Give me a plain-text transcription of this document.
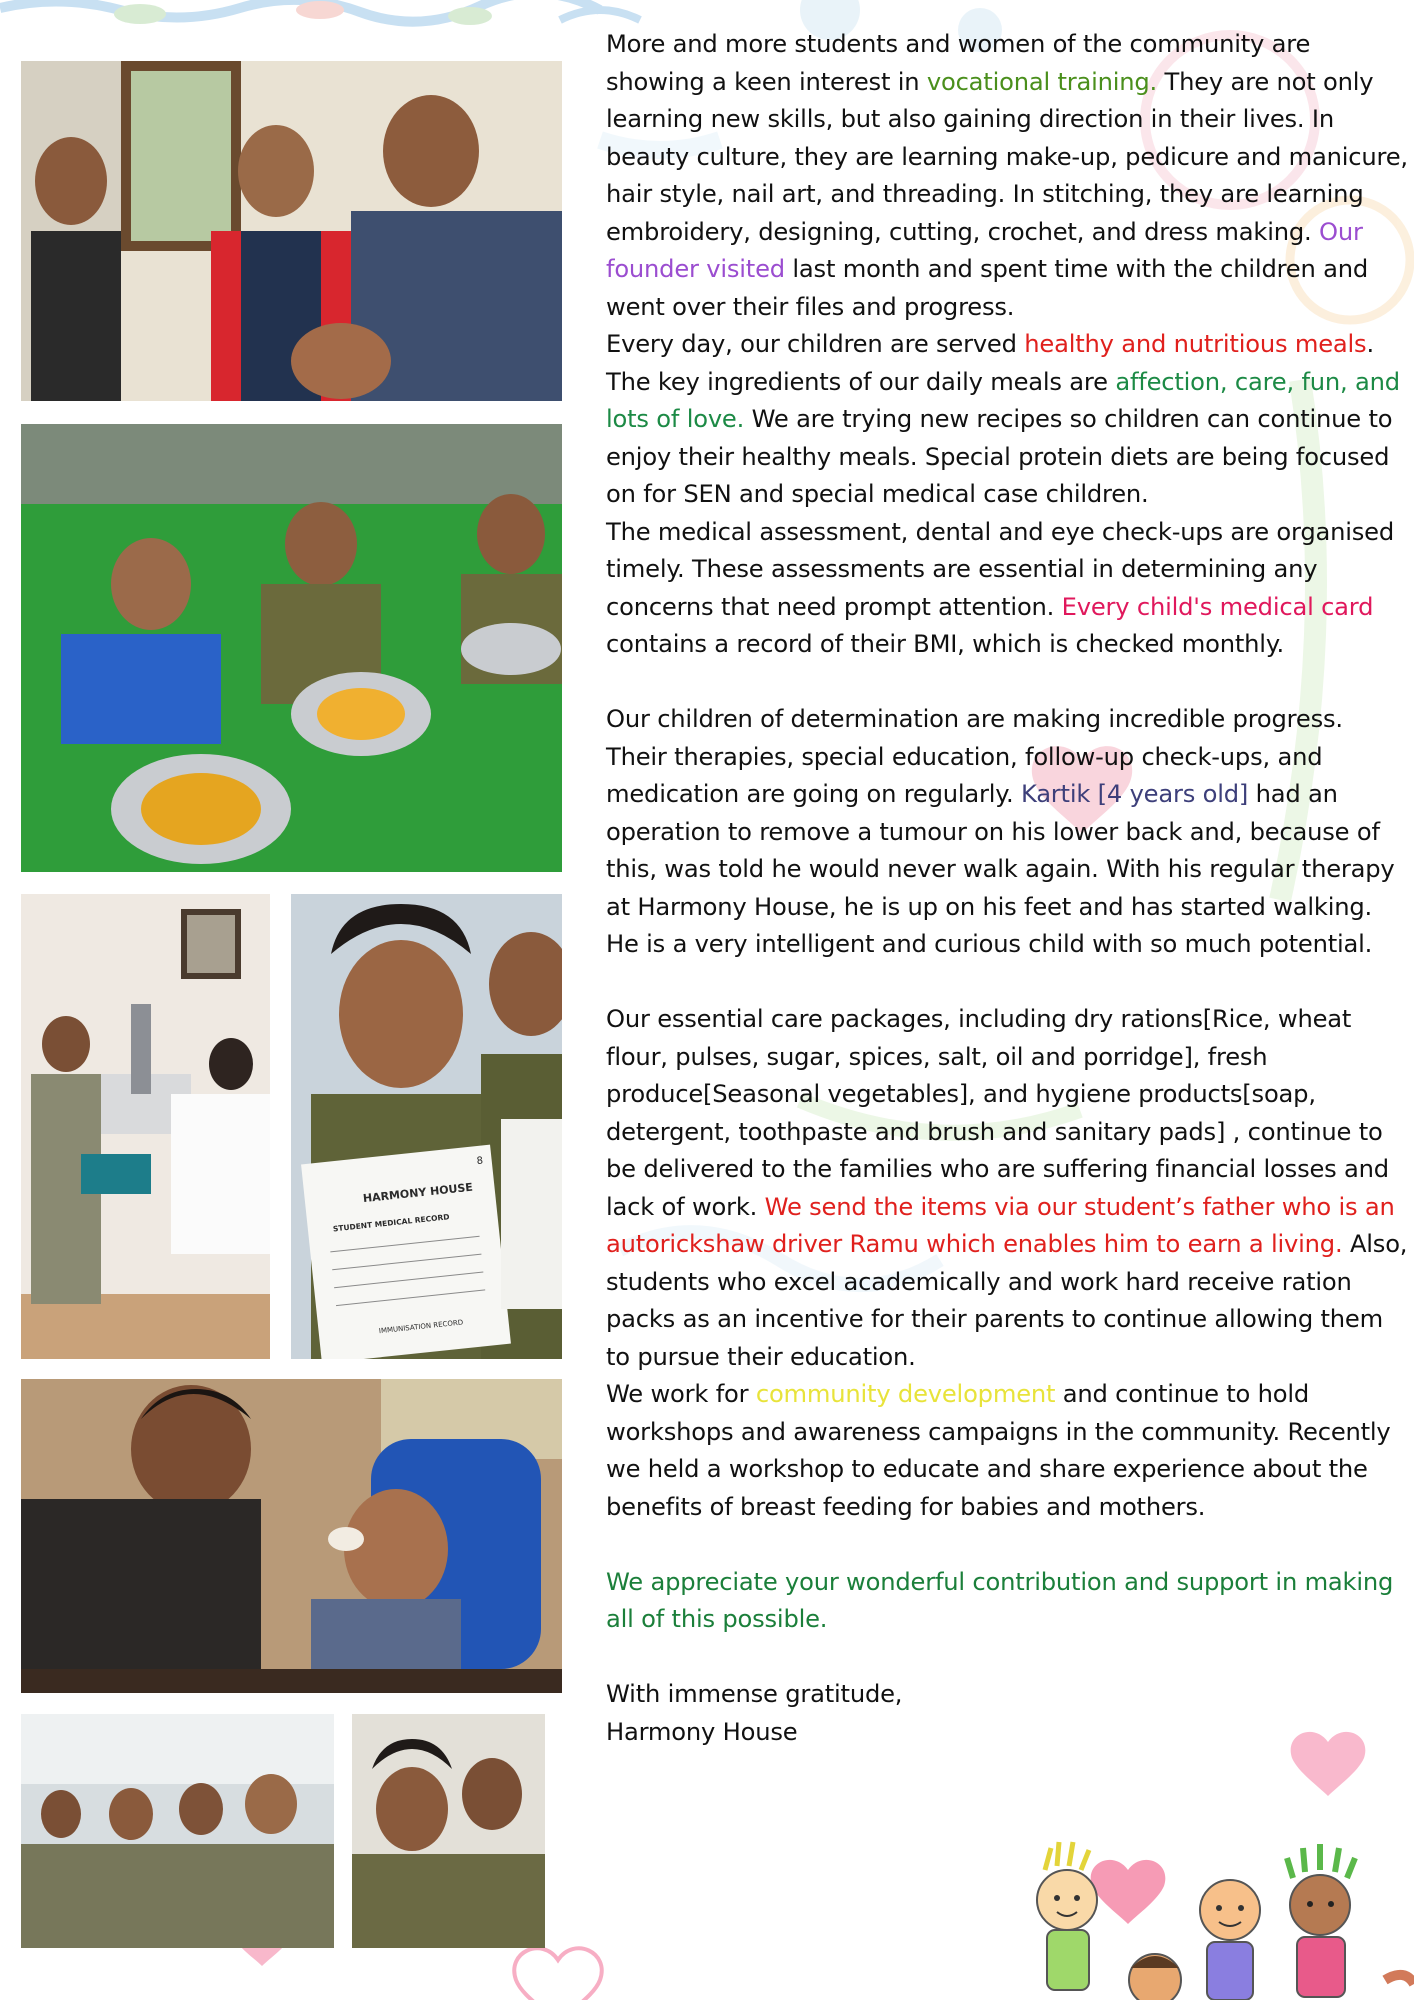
HARMONY HOUSE
8
STUDENT MEDICAL RECORD
IMMUNISATION RECORD

More and more students and women of the community are showing a keen interest in vocational training. They are not only learning new skills, but also gaining direction in their lives. In beauty culture, they are learning make-up, pedicure and manicure, hair style, nail art, and threading. In stitching, they are learning embroidery, designing, cutting, crochet, and dress making. Our founder visited last month and spent time with the children and went over their files and progress.

Every day, our children are served healthy and nutritious meals. The key ingredients of our daily meals are affection, care, fun, and lots of love. We are trying new recipes so children can continue to enjoy their healthy meals. Special protein diets are being focused on for SEN and special medical case children.

The medical assessment, dental and eye check-ups are organised timely. These assessments are essential in determining any concerns that need prompt attention. Every child's medical card contains a record of their BMI, which is checked monthly.

Our children of determination are making incredible progress. Their therapies, special education, follow-up check-ups, and medication are going on regularly. Kartik [4 years old] had an operation to remove a tumour on his lower back and, because of this, was told he would never walk again. With his regular therapy at Harmony House, he is up on his feet and has started walking. He is a very intelligent and curious child with so much potential.

Our essential care packages, including dry rations[Rice, wheat flour, pulses, sugar, spices, salt, oil and porridge], fresh produce[Seasonal vegetables], and hygiene products[soap, detergent, toothpaste and brush and sanitary pads] , continue to be delivered to the families who are suffering financial losses and lack of work. We send the items via our student’s father who is an autorickshaw driver Ramu which enables him to earn a living. Also, students who excel academically and work hard receive ration packs as an incentive for their parents to continue allowing them to pursue their education.

We work for community development and continue to hold workshops and awareness campaigns in the community. Recently we held a workshop to educate and share experience about the benefits of breast feeding for babies and mothers.

We appreciate your wonderful contribution and support in making all of this possible.

With immense gratitude,

Harmony House
